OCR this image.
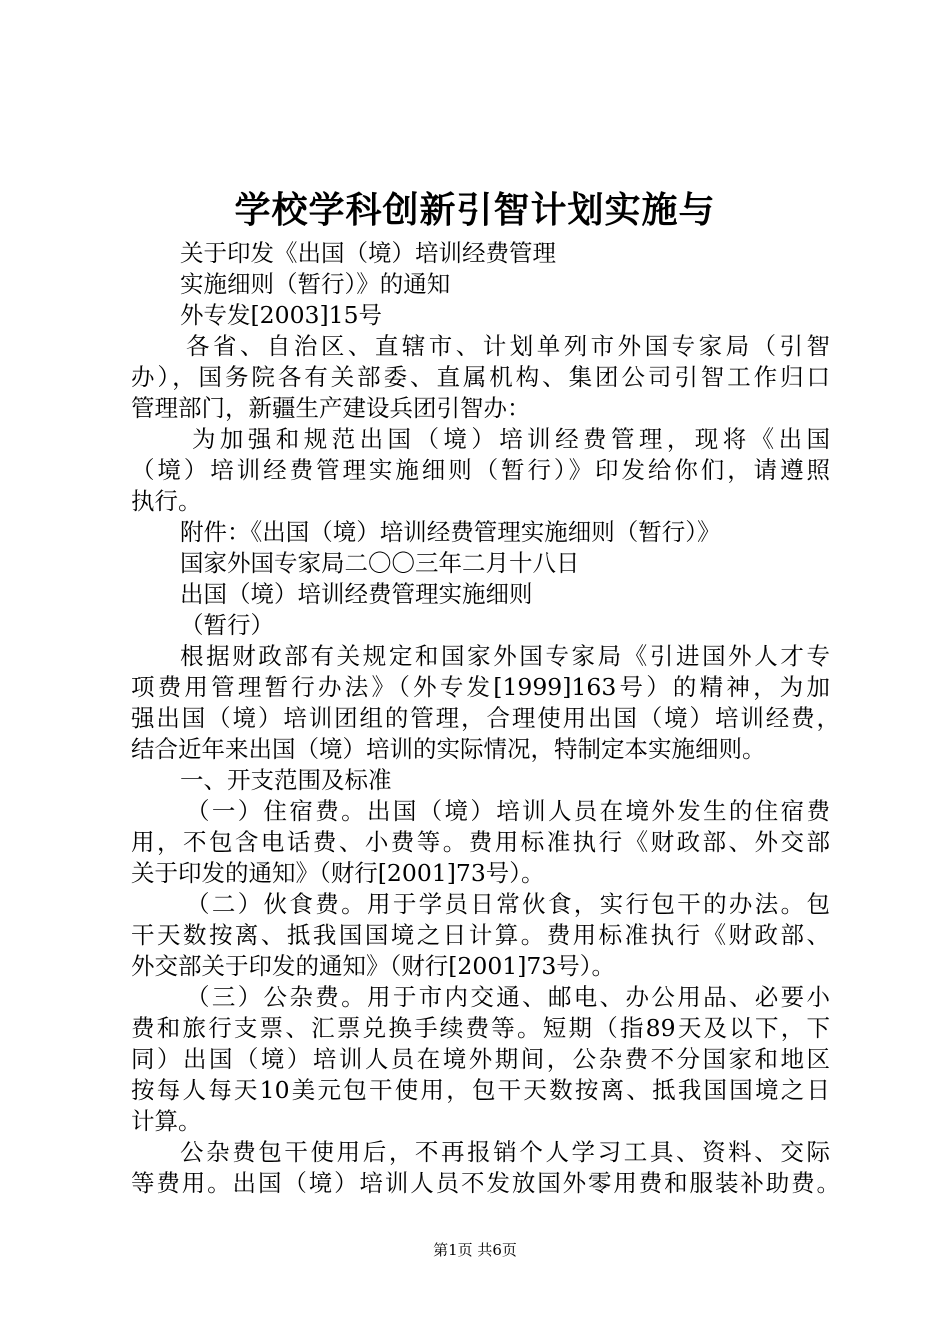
学校学科创新引智计划实施与
关于印发《出国（境）培训经费管理
实施细则（暂行）》的通知
外专发[2003]15号
各省、自治区、直辖市、计划单列市外国专家局（引智
办），国务院各有关部委、直属机构、集团公司引智工作归口
管理部门，新疆生产建设兵团引智办：
为加强和规范出国（境）培训经费管理，现将《出国
（境）培训经费管理实施细则（暂行）》印发给你们，请遵照
执行。
附件：《出国（境）培训经费管理实施细则（暂行）》
国家外国专家局二〇〇三年二月十八日
出国（境）培训经费管理实施细则
（暂行）
根据财政部有关规定和国家外国专家局《引进国外人才专
项费用管理暂行办法》（外专发[1999]163号）的精神，为加
强出国（境）培训团组的管理，合理使用出国（境）培训经费，
结合近年来出国（境）培训的实际情况，特制定本实施细则。
一、开支范围及标准
（一）住宿费。出国（境）培训人员在境外发生的住宿费
用，不包含电话费、小费等。费用标准执行《财政部、外交部
关于印发的通知》（财行[2001]73号）。
（二）伙食费。用于学员日常伙食，实行包干的办法。包
干天数按离、抵我国国境之日计算。费用标准执行《财政部、
外交部关于印发的通知》（财行[2001]73号）。
（三）公杂费。用于市内交通、邮电、办公用品、必要小
费和旅行支票、汇票兑换手续费等。短期（指89天及以下，下
同）出国（境）培训人员在境外期间，公杂费不分国家和地区
按每人每天10美元包干使用，包干天数按离、抵我国国境之日
计算。
公杂费包干使用后，不再报销个人学习工具、资料、交际
等费用。出国（境）培训人员不发放国外零用费和服装补助费。
第1页 共6页
